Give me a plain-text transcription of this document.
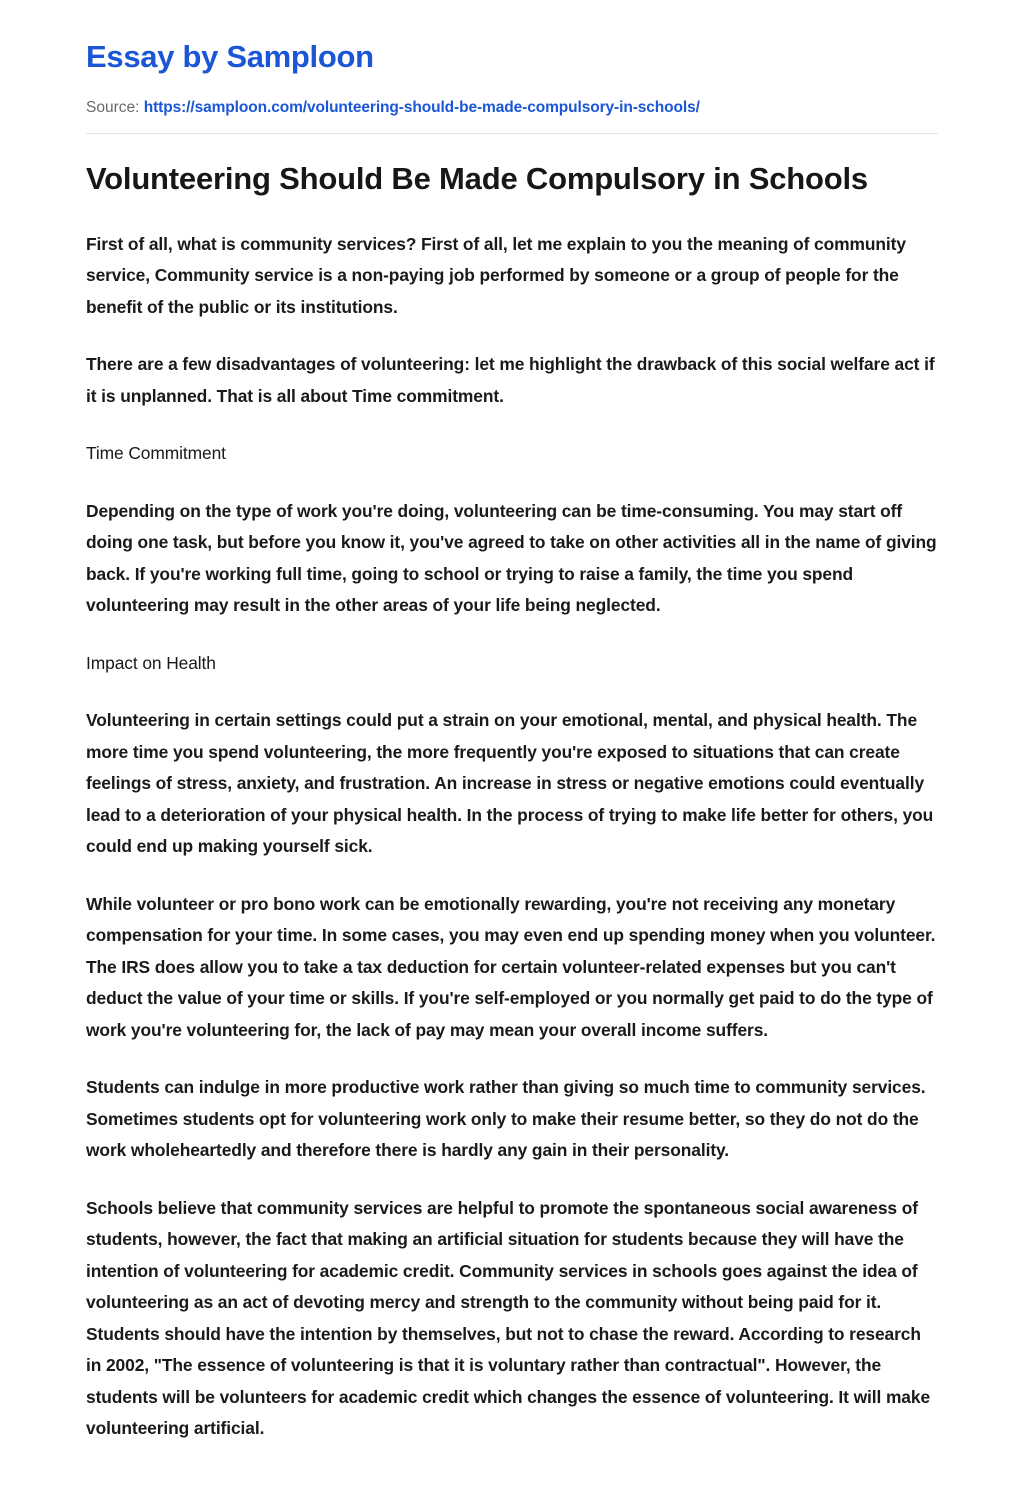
Essay by Samploon
Source: https://samploon.com/volunteering-should-be-made-compulsory-in-schools/
Volunteering Should Be Made Compulsory in Schools

First of all, what is community services? First of all, let me explain to you the meaning of community service, Community service is a non-paying job performed by someone or a group of people for the benefit of the public or its institutions.

There are a few disadvantages of volunteering: let me highlight the drawback of this social welfare act if it is unplanned. That is all about Time commitment.

Time Commitment

Depending on the type of work you're doing, volunteering can be time-consuming. You may start off doing one task, but before you know it, you've agreed to take on other activities all in the name of giving back. If you're working full time, going to school or trying to raise a family, the time you spend volunteering may result in the other areas of your life being neglected.

Impact on Health

Volunteering in certain settings could put a strain on your emotional, mental, and physical health. The more time you spend volunteering, the more frequently you're exposed to situations that can create feelings of stress, anxiety, and frustration. An increase in stress or negative emotions could eventually lead to a deterioration of your physical health. In the process of trying to make life better for others, you could end up making yourself sick.

While volunteer or pro bono work can be emotionally rewarding, you're not receiving any monetary compensation for your time. In some cases, you may even end up spending money when you volunteer. The IRS does allow you to take a tax deduction for certain volunteer-related expenses but you can't deduct the value of your time or skills. If you're self-employed or you normally get paid to do the type of work you're volunteering for, the lack of pay may mean your overall income suffers.

Students can indulge in more productive work rather than giving so much time to community services.
Sometimes students opt for volunteering work only to make their resume better, so they do not do the work wholeheartedly and therefore there is hardly any gain in their personality.

Schools believe that community services are helpful to promote the spontaneous social awareness of students, however, the fact that making an artificial situation for students because they will have the intention of volunteering for academic credit. Community services in schools goes against the idea of volunteering as an act of devoting mercy and strength to the community without being paid for it. Students should have the intention by themselves, but not to chase the reward. According to research in 2002, "The essence of volunteering is that it is voluntary rather than contractual". However, the students will be volunteers for academic credit which changes the essence of volunteering. It will make volunteering artificial.
